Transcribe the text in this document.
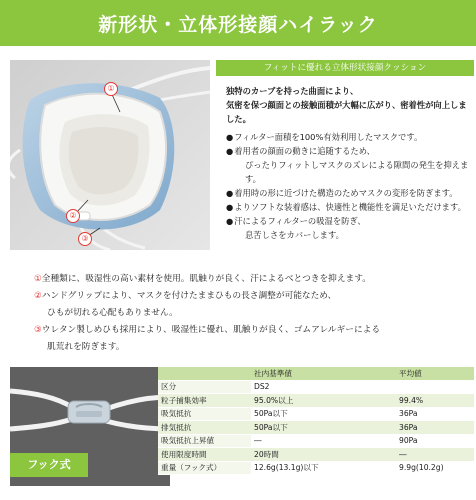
新形状・立体形接顔ハイラック
①
②
③
フィットに優れる立体形状接顔クッション
独特のカーブを持った曲面により、
気密を保つ顔面との接触面積が大幅に広がり、密着性が向上しました。
●フィルター面積を100%有効利用したマスクです。
●着用者の顔面の動きに追随するため、
ぴったりフィットしマスクのズレによる隙間の発生を抑えます。
●着用時の形に近づけた構造のためマスクの変形を防ぎます。
●よりソフトな装着感は、快適性と機能性を満足いただけます。
●汗によるフィルターの吸湿を防ぎ、
息苦しさをカバーします。
①全種類に、吸湿性の高い素材を使用。肌触りが良く、汗によるべとつきを抑えます。
②ハンドグリップにより、マスクを付けたままひもの長さ調整が可能なため、
ひもが切れる心配もありません。
③ウレタン製しめひも採用により、吸湿性に優れ、肌触りが良く、ゴムアレルギーによる
肌荒れを防ぎます。
フック式
	社内基準値	平均値
区分	DS2	
粒子捕集効率	95.0%以上	99.4%
吸気抵抗	50Pa以下	36Pa
排気抵抗	50Pa以下	36Pa
吸気抵抗上昇値	―	90Pa
使用限度時間	20時間	―
重量（フック式）	12.6g(13.1g)以下	9.9g(10.2g)
